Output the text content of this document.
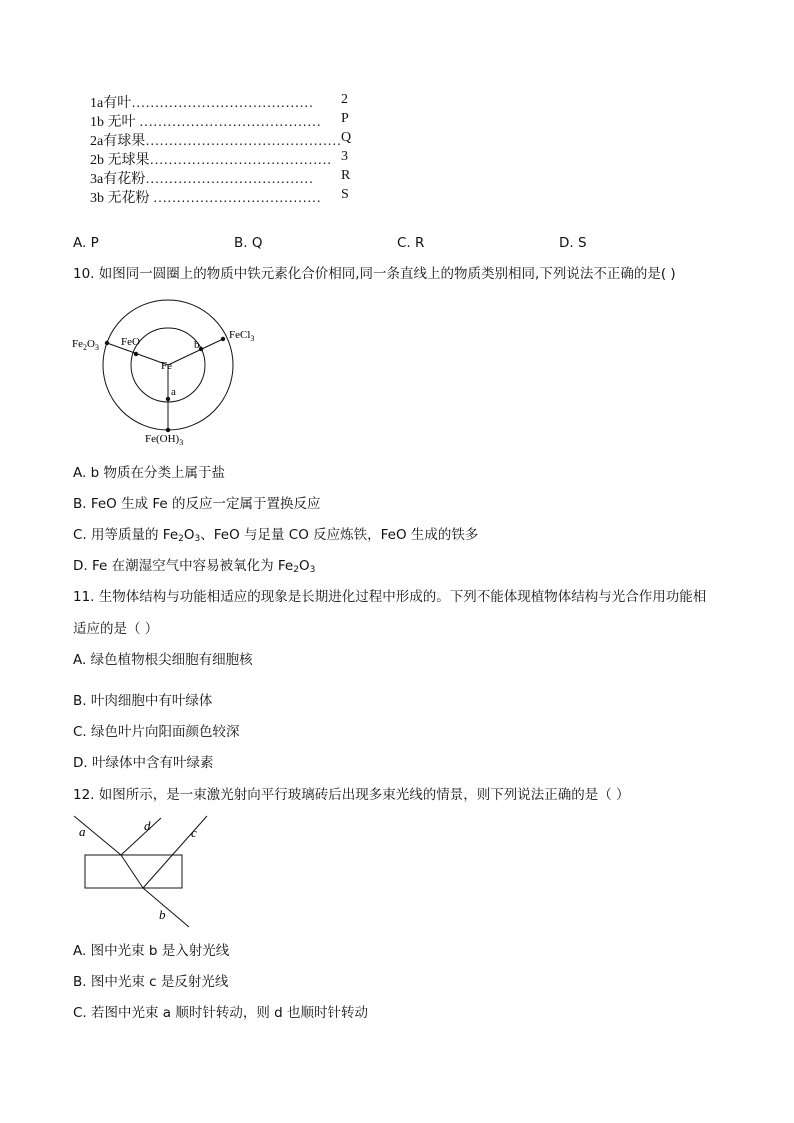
1a有叶………………………………… 2
1b 无叶 ………………………………… P
2a有球果…………………………………… Q
2b 无球果………………………………… 3
3a有花粉……………………………… R
3b 无花粉 ……………………………… S
A. P	B. Q	C. R	D. S
10. 如图同一圆圈上的物质中铁元素化合价相同,同一条直线上的物质类别相同,下列说法不正确的是( )
$Fe_2O_3$ FeO
Fe
b
FeCl$_3$
a
$Fe(OH)_3$
A. b 物质在分类上属于盐
B. FeO 生成 Fe 的反应一定属于置换反应
C. 用等质量的 $Fe_2O_3$、FeO 与足量 CO 反应炼铁，FeO 生成的铁多
D. Fe 在潮湿空气中容易被氧化为 $Fe_2O_3$
11. 生物体结构与功能相适应的现象是长期进化过程中形成的。下列不能体现植物体结构与光合作用功能相
适应的是（ ）
A. 绿色植物根尖细胞有细胞核
B. 叶肉细胞中有叶绿体
C. 绿色叶片向阳面颜色较深
D. 叶绿体中含有叶绿素
12. 如图所示，是一束激光射向平行玻璃砖后出现多束光线的情景，则下列说法正确的是（ ）
a	d	c
b
A. 图中光束 b 是入射光线
B. 图中光束 c 是反射光线
C. 若图中光束 a 顺时针转动，则 d 也顺时针转动
